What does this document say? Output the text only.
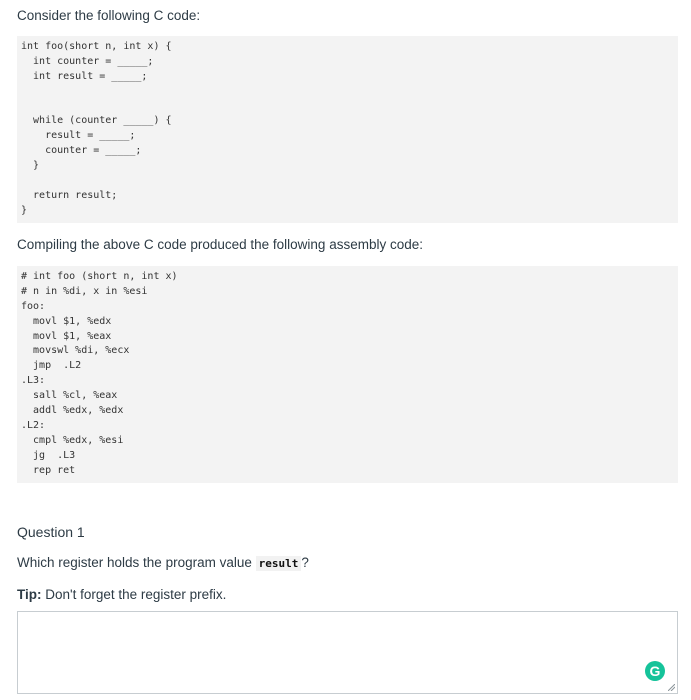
Consider the following C code:
int foo(short n, int x) {
int counter = _____;
int result = _____;
while (counter _____) {
result = _____;
counter = _____;
}
return result;
}
Compiling the above C code produced the following assembly code:
# int foo (short n, int x)
# n in %di, x in %esi
foo:
movl $1, %edx
movl $1, %eax
movswl %di, %ecx
jmp  .L2
.L3:
sall %cl, %eax
addl %edx, %edx
.L2:
cmpl %edx, %esi
jg  .L3
rep ret
Question 1
Which register holds the program value result ?
Tip: Don't forget the register prefix.
G
